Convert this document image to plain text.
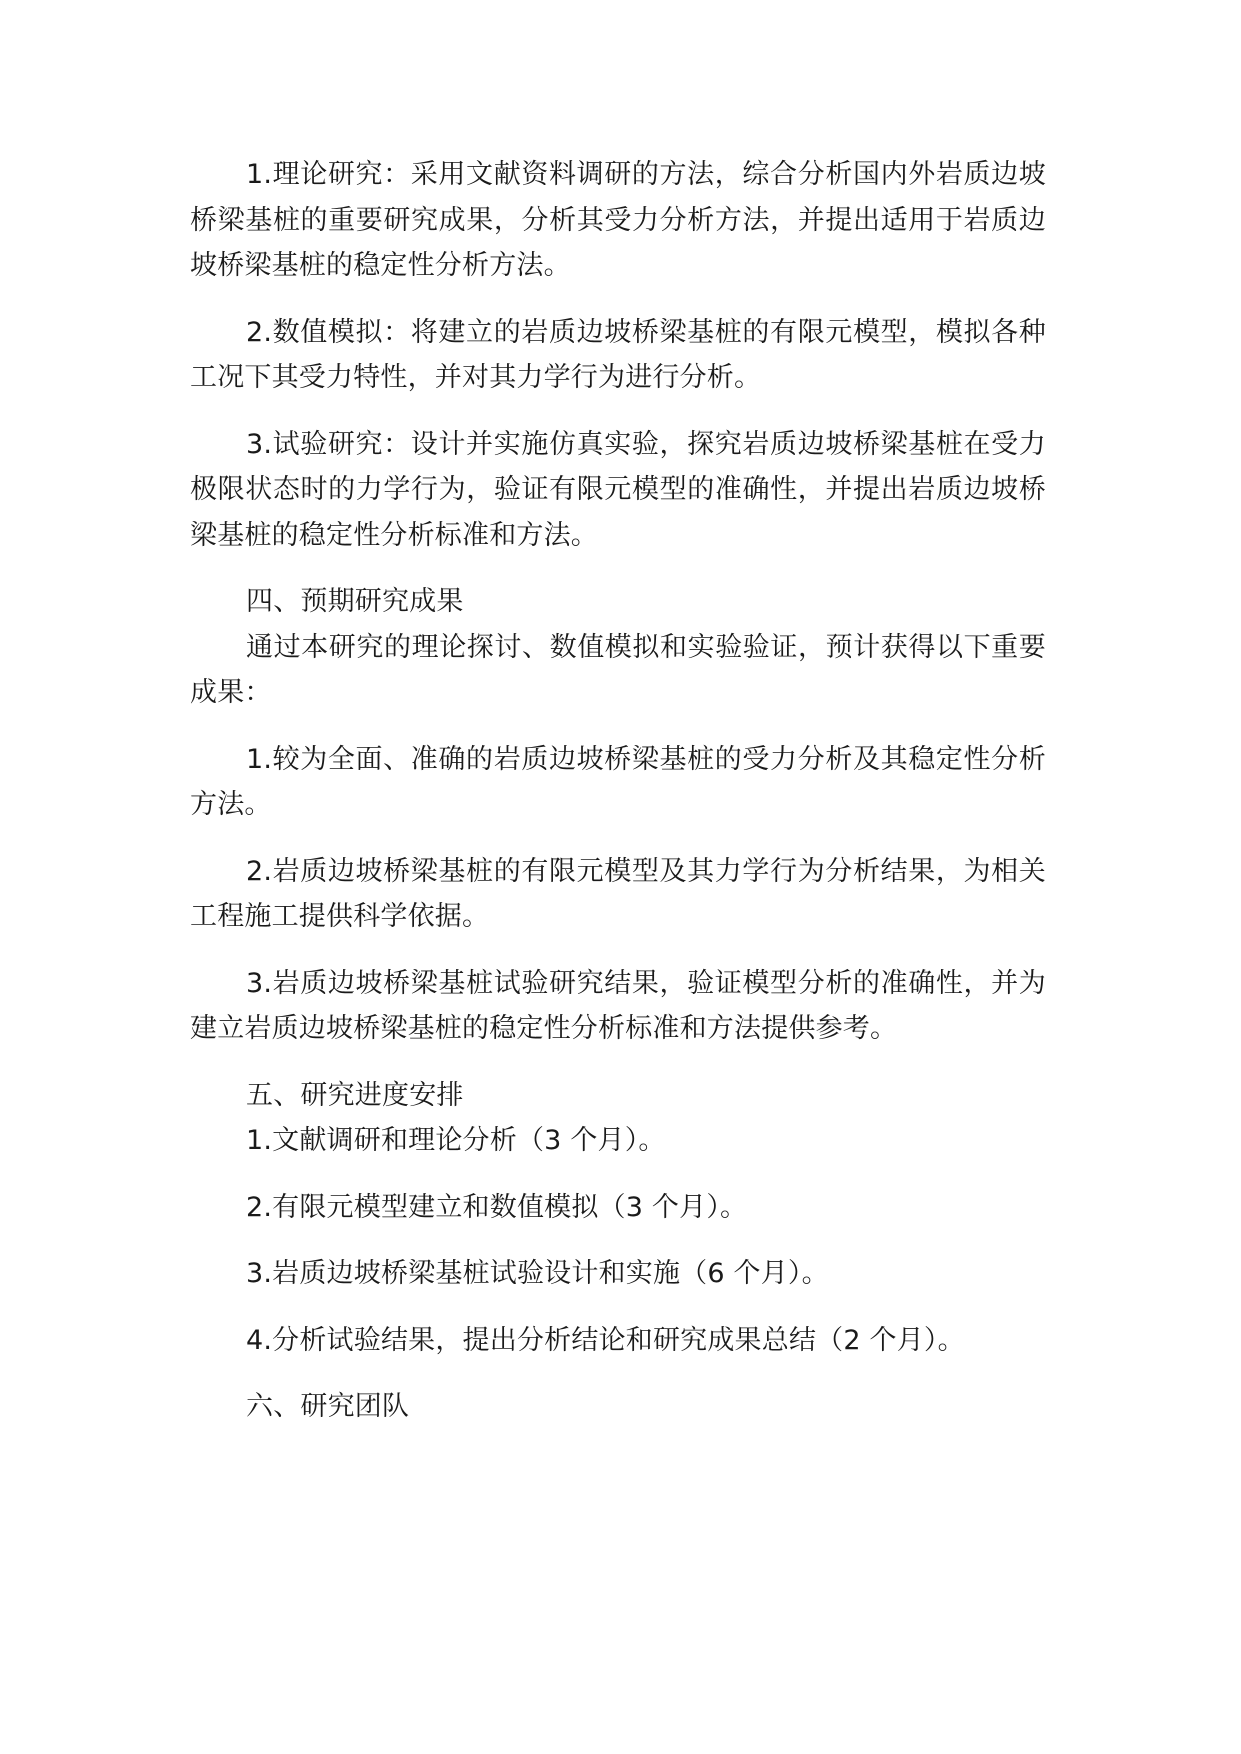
1.理论研究：采用文献资料调研的方法，综合分析国内外岩质边坡桥梁基桩的重要研究成果，分析其受力分析方法，并提出适用于岩质边坡桥梁基桩的稳定性分析方法。

2.数值模拟：将建立的岩质边坡桥梁基桩的有限元模型，模拟各种工况下其受力特性，并对其力学行为进行分析。

3.试验研究：设计并实施仿真实验，探究岩质边坡桥梁基桩在受力极限状态时的力学行为，验证有限元模型的准确性，并提出岩质边坡桥梁基桩的稳定性分析标准和方法。

四、预期研究成果

通过本研究的理论探讨、数值模拟和实验验证，预计获得以下重要成果：

1.较为全面、准确的岩质边坡桥梁基桩的受力分析及其稳定性分析方法。

2.岩质边坡桥梁基桩的有限元模型及其力学行为分析结果，为相关工程施工提供科学依据。

3.岩质边坡桥梁基桩试验研究结果，验证模型分析的准确性，并为建立岩质边坡桥梁基桩的稳定性分析标准和方法提供参考。

五、研究进度安排

1.文献调研和理论分析（3 个月）。

2.有限元模型建立和数值模拟（3 个月）。

3.岩质边坡桥梁基桩试验设计和实施（6 个月）。

4.分析试验结果，提出分析结论和研究成果总结（2 个月）。

六、研究团队
